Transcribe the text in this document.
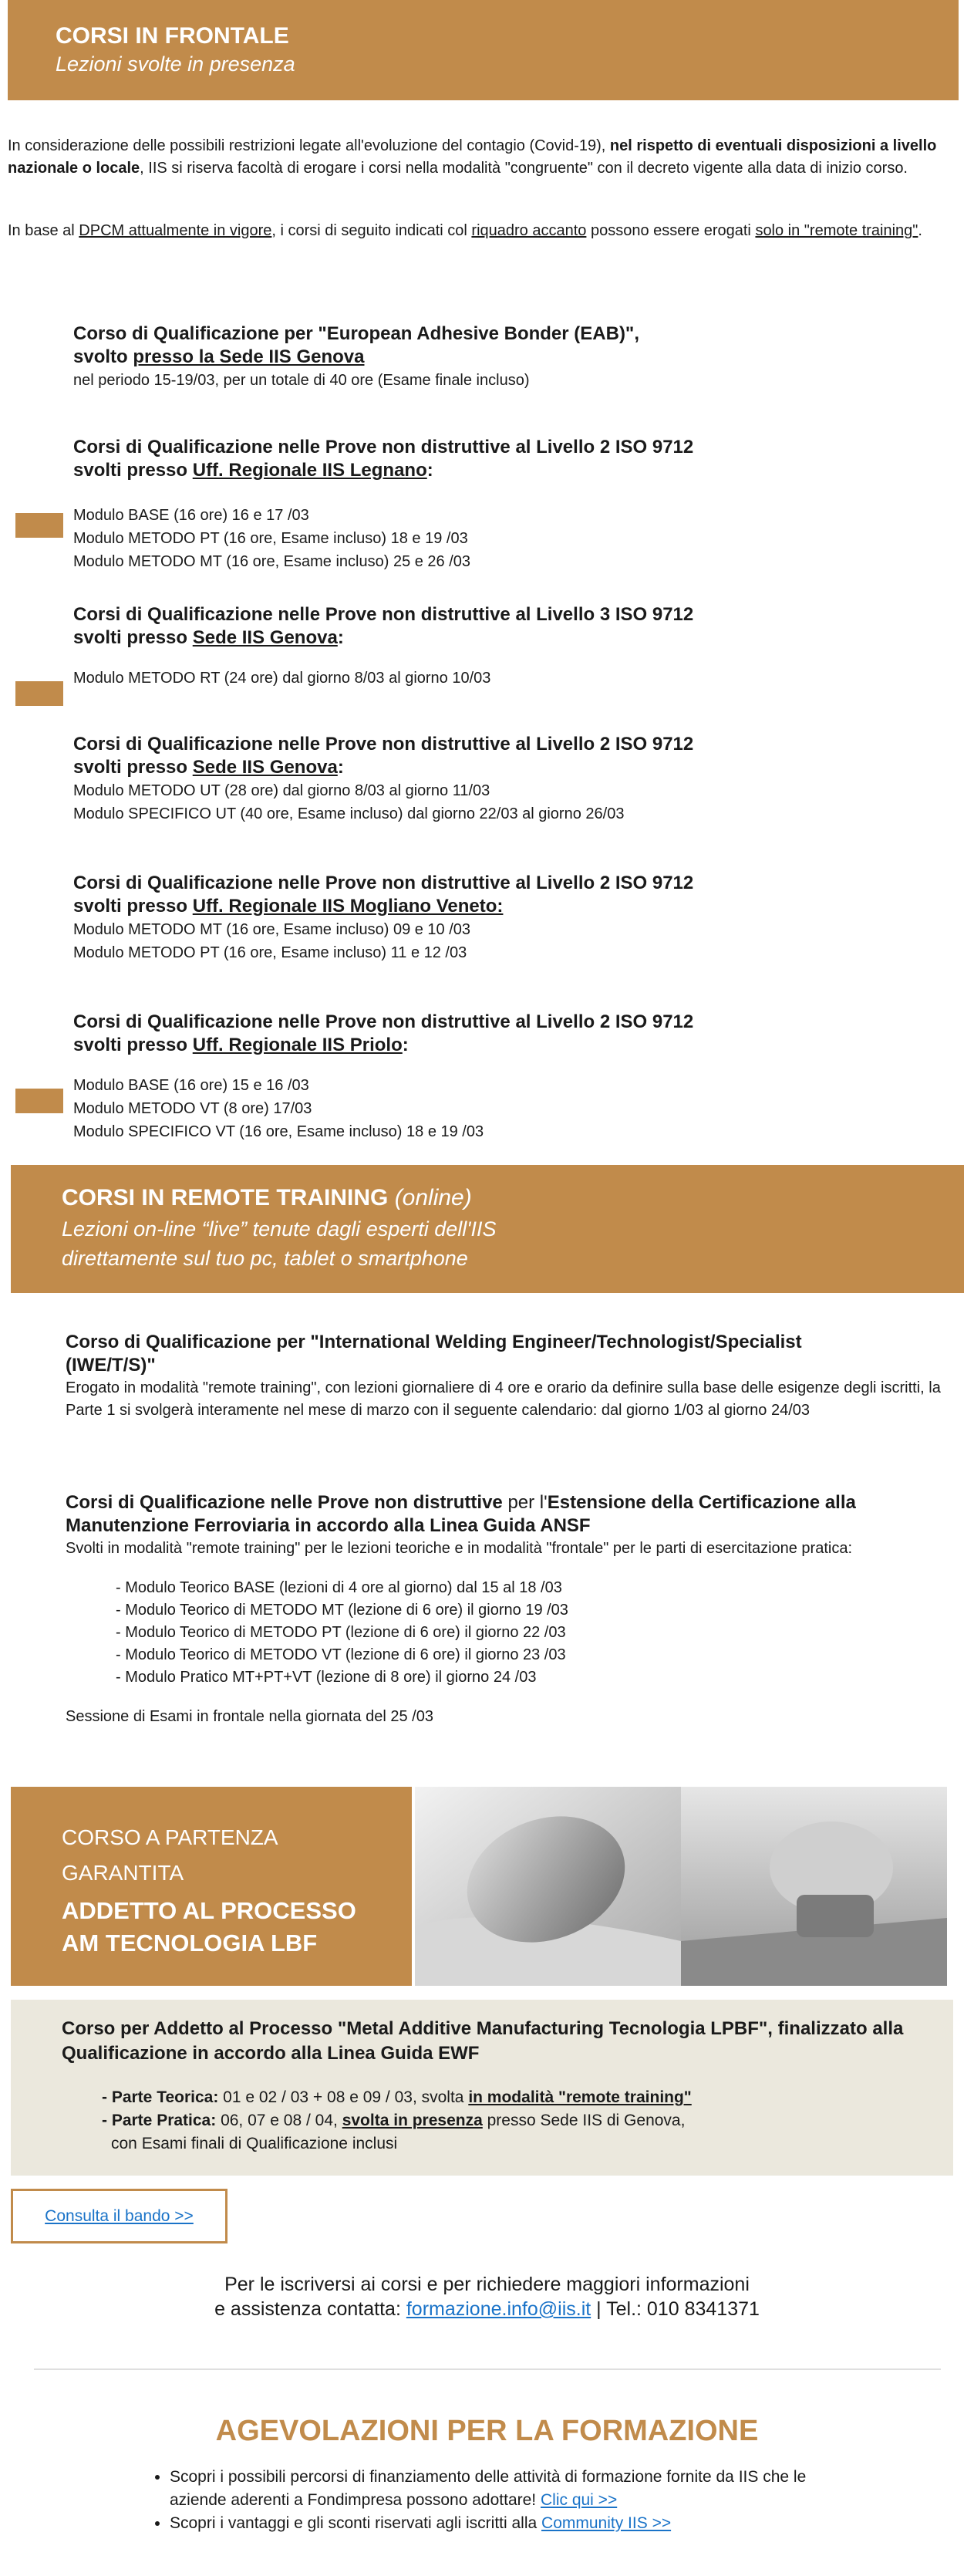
CORSI IN FRONTALE
Lezioni svolte in presenza
In considerazione delle possibili restrizioni legate all'evoluzione del contagio (Covid-19), nel rispetto di eventuali disposizioni a livello nazionale o locale, IIS si riserva facoltà di erogare i corsi nella modalità "congruente" con il decreto vigente alla data di inizio corso.
In base al DPCM attualmente in vigore, i corsi di seguito indicati col riquadro accanto possono essere erogati solo in "remote training".

Corso di Qualificazione per "European Adhesive Bonder (EAB)",

svolto presso la Sede IIS Genova

nel periodo 15-19/03, per un totale di 40 ore (Esame finale incluso)

Corsi di Qualificazione nelle Prove non distruttive al Livello 2 ISO 9712

svolti presso Uff. Regionale IIS Legnano:

Modulo BASE (16 ore) 16 e 17 /03

Modulo METODO PT (16 ore, Esame incluso) 18 e 19 /03

Modulo METODO MT (16 ore, Esame incluso) 25 e 26 /03

Corsi di Qualificazione nelle Prove non distruttive al Livello 3 ISO 9712

svolti presso Sede IIS Genova:

Modulo METODO RT (24 ore) dal giorno 8/03 al giorno 10/03

Corsi di Qualificazione nelle Prove non distruttive al Livello 2 ISO 9712

svolti presso Sede IIS Genova:

Modulo METODO UT (28 ore) dal giorno 8/03 al giorno 11/03

Modulo SPECIFICO UT (40 ore, Esame incluso) dal giorno 22/03 al giorno 26/03

Corsi di Qualificazione nelle Prove non distruttive al Livello 2 ISO 9712

svolti presso Uff. Regionale IIS Mogliano Veneto:

Modulo METODO MT (16 ore, Esame incluso) 09 e 10 /03

Modulo METODO PT (16 ore, Esame incluso) 11 e 12 /03

Corsi di Qualificazione nelle Prove non distruttive al Livello 2 ISO 9712

svolti presso Uff. Regionale IIS Priolo:

Modulo BASE (16 ore) 15 e 16 /03

Modulo METODO VT (8 ore) 17/03

Modulo SPECIFICO VT (16 ore, Esame incluso) 18 e 19 /03

CORSI IN REMOTE TRAINING (online)
Lezioni on-line “live” tenute dagli esperti dell'IIS
direttamente sul tuo pc, tablet o smartphone

Corso di Qualificazione per "International Welding Engineer/Technologist/Specialist

(IWE/T/S)"

Erogato in modalità "remote training", con lezioni giornaliere di 4 ore e orario da definire sulla base delle esigenze degli iscritti, la Parte 1 si svolgerà interamente nel mese di marzo con il seguente calendario: dal giorno 1/03 al giorno 24/03

Corsi di Qualificazione nelle Prove non distruttive per l'Estensione della Certificazione alla Manutenzione Ferroviaria in accordo alla Linea Guida ANSF

Svolti in modalità "remote training" per le lezioni teoriche e in modalità "frontale" per le parti di esercitazione pratica:

- Modulo Teorico BASE (lezioni di 4 ore al giorno) dal 15 al 18 /03
- Modulo Teorico di METODO MT (lezione di 6 ore) il giorno 19 /03
- Modulo Teorico di METODO PT (lezione di 6 ore) il giorno 22 /03
- Modulo Teorico di METODO VT (lezione di 6 ore) il giorno 23 /03
- Modulo Pratico MT+PT+VT (lezione di 8 ore) il giorno 24 /03

Sessione di Esami in frontale nella giornata del 25 /03

CORSO A PARTENZA
GARANTITA
ADDETTO AL PROCESSO
AM TECNOLOGIA LBF

Corso per Addetto al Processo "Metal Additive Manufacturing Tecnologia LPBF", finalizzato alla Qualificazione in accordo alla Linea Guida EWF

- Parte Teorica: 01 e 02 / 03 + 08 e 09 / 03, svolta in modalità "remote training"
- Parte Pratica: 06, 07 e 08 / 04, svolta in presenza presso Sede IIS di Genova,
con Esami finali di Qualificazione inclusi
Consulta il bando >>
Per le iscriversi ai corsi e per richiedere maggiori informazioni
e assistenza contatta: formazione.info@iis.it | Tel.: 010 8341371
AGEVOLAZIONI PER LA FORMAZIONE
• Scopri i possibili percorsi di finanziamento delle attività di formazione fornite da IIS che le aziende aderenti a Fondimpresa possono adottare! Clic qui >>
• Scopri i vantaggi e gli sconti riservati agli iscritti alla Community IIS >>
